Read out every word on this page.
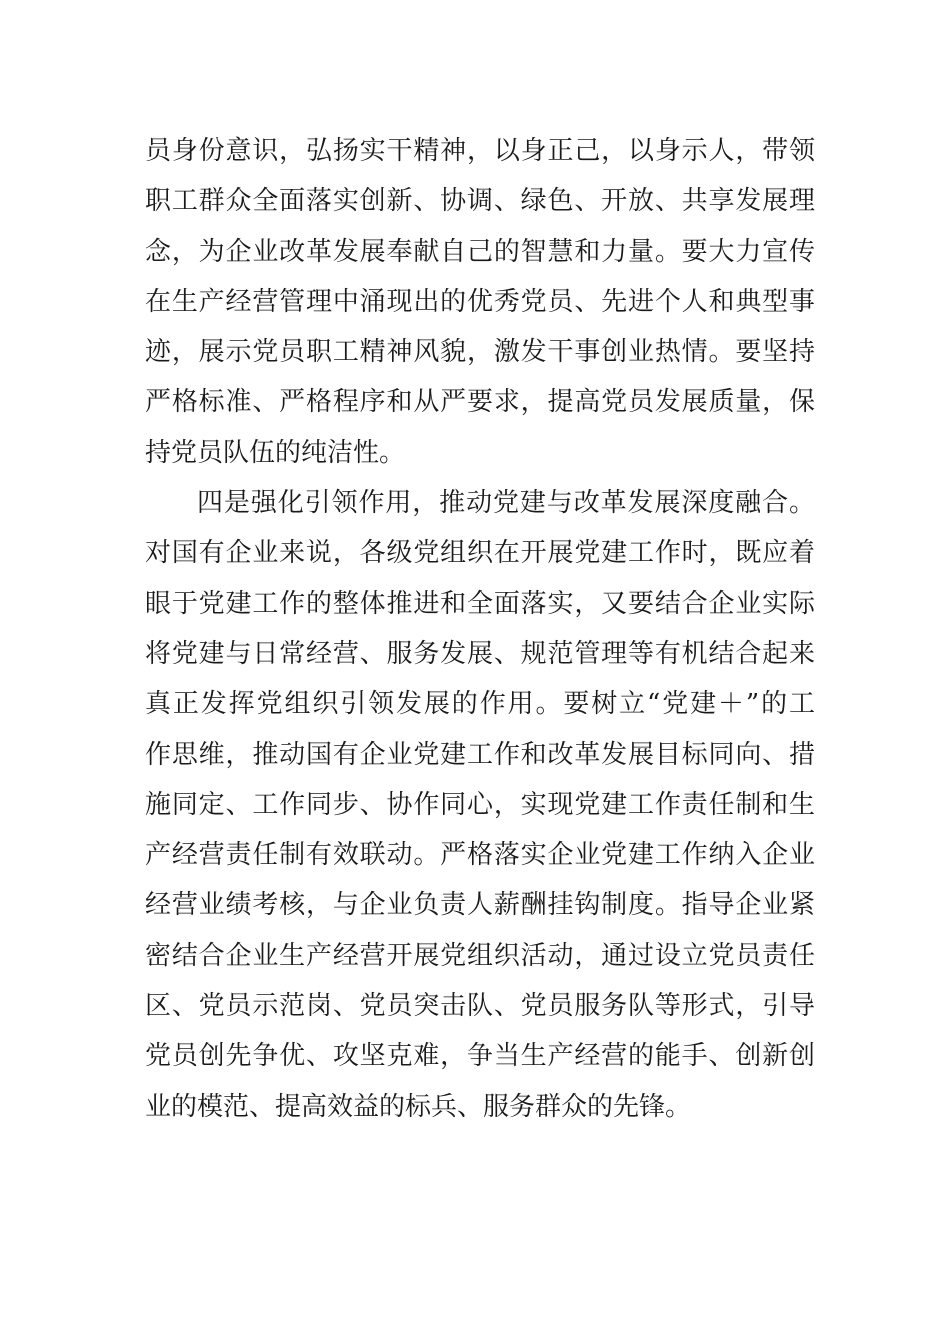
员身份意识，弘扬实干精神，以身正己，以身示人，带领
职工群众全面落实创新、协调、绿色、开放、共享发展理
念，为企业改革发展奉献自己的智慧和力量。要大力宣传
在生产经营管理中涌现出的优秀党员、先进个人和典型事
迹，展示党员职工精神风貌，激发干事创业热情。要坚持
严格标准、严格程序和从严要求，提高党员发展质量，保
持党员队伍的纯洁性。
四是强化引领作用，推动党建与改革发展深度融合。
对国有企业来说，各级党组织在开展党建工作时，既应着
眼于党建工作的整体推进和全面落实，又要结合企业实际
将党建与日常经营、服务发展、规范管理等有机结合起来
真正发挥党组织引领发展的作用。要树立“党建＋”的工
作思维，推动国有企业党建工作和改革发展目标同向、措
施同定、工作同步、协作同心，实现党建工作责任制和生
产经营责任制有效联动。严格落实企业党建工作纳入企业
经营业绩考核，与企业负责人薪酬挂钩制度。指导企业紧
密结合企业生产经营开展党组织活动，通过设立党员责任
区、党员示范岗、党员突击队、党员服务队等形式，引导
党员创先争优、攻坚克难，争当生产经营的能手、创新创
业的模范、提高效益的标兵、服务群众的先锋。
